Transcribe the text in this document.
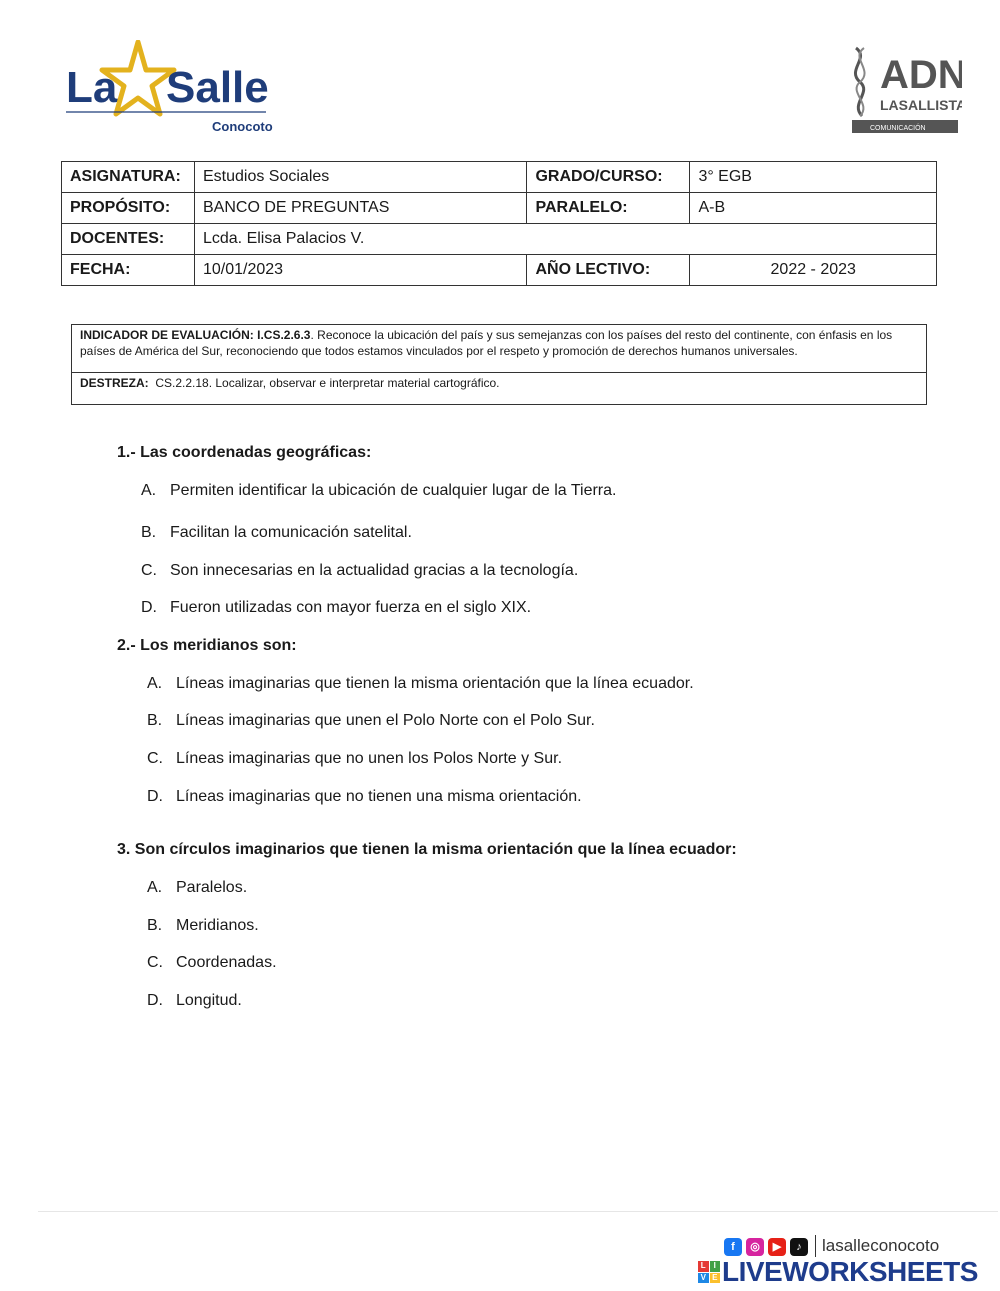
La Salle
Conocoto
ADN
LASALLISTA
COMUNICACIÓN
ASIGNATURA:	Estudios Sociales	GRADO/CURSO:	3° EGB
PROPÓSITO:	BANCO DE PREGUNTAS	PARALELO:	A-B
DOCENTES:	Lcda. Elisa Palacios V.		
FECHA:	10/01/2023	AÑO LECTIVO:	2022 - 2023
INDICADOR DE EVALUACIÓN: I.CS.2.6.3. Reconoce la ubicación del país y sus semejanzas con los países del resto del continente, con énfasis en los países de América del Sur, reconociendo que todos estamos vinculados por el respeto y promoción de derechos humanos universales.
DESTREZA: CS.2.2.18. Localizar, observar e interpretar material cartográfico.
1.- Las coordenadas geográficas:
A. Permiten identificar la ubicación de cualquier lugar de la Tierra.
B. Facilitan la comunicación satelital.
C. Son innecesarias en la actualidad gracias a la tecnología.
D. Fueron utilizadas con mayor fuerza en el siglo XIX.
2.- Los meridianos son:
A. Líneas imaginarias que tienen la misma orientación que la línea ecuador.
B. Líneas imaginarias que unen el Polo Norte con el Polo Sur.
C. Líneas imaginarias que no unen los Polos Norte y Sur.
D. Líneas imaginarias que no tienen una misma orientación.
3. Son círculos imaginarios que tienen la misma orientación que la línea ecuador:
A. Paralelos.
B. Meridianos.
C. Coordenadas.
D. Longitud.
f	◎	▶	♪	lasalleconocoto
L I
V E LIVEWORKSHEETS
